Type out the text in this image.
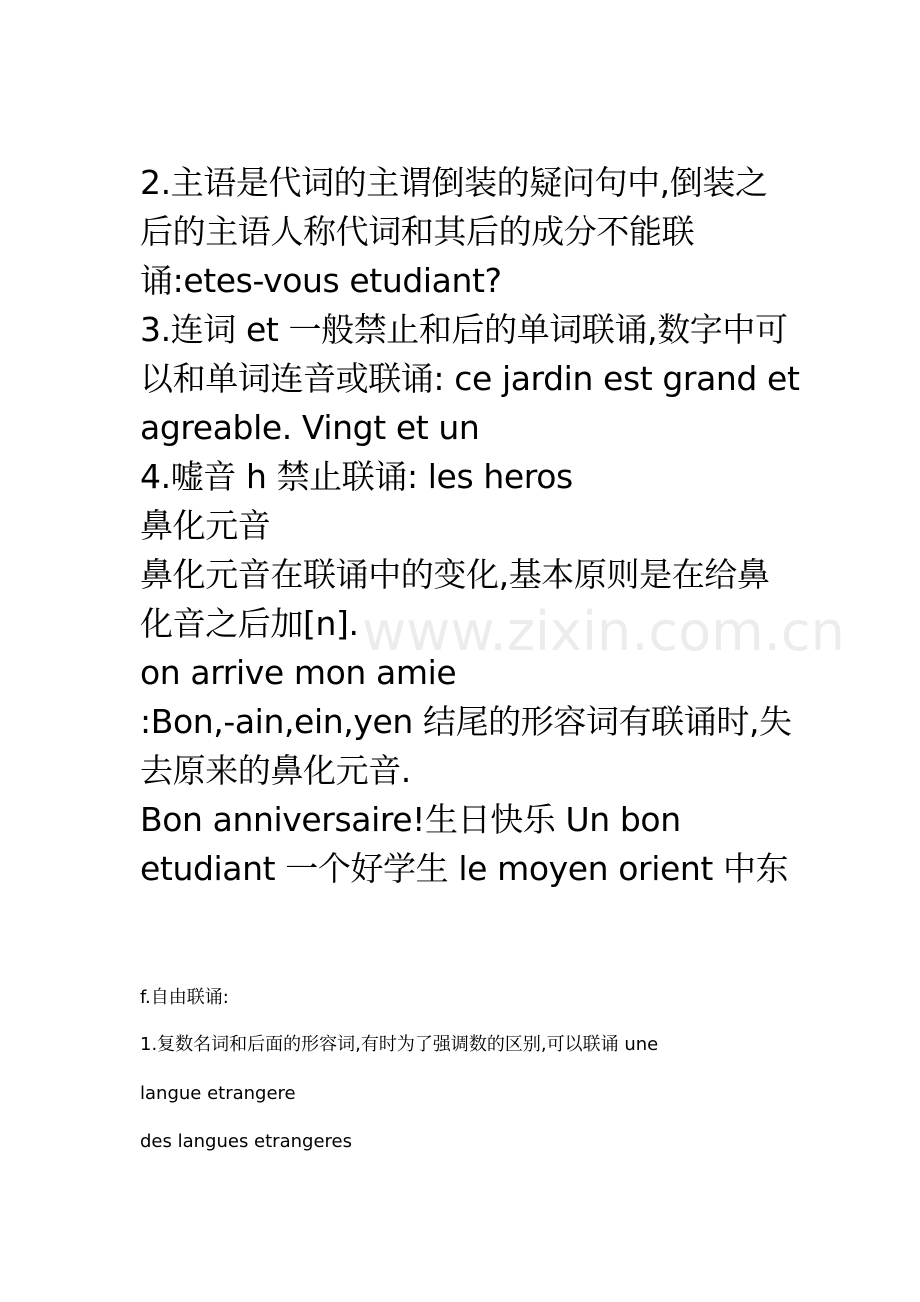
2.主语是代词的主谓倒装的疑问句中,倒装之后的主语人称代词和其后的成分不能联诵:etes-vous etudiant?

3.连词 et 一般禁止和后的单词联诵,数字中可以和单词连音或联诵: ce jardin est grand et agreable. Vingt et un

4.嘘音 h 禁止联诵: les heros

鼻化元音

鼻化元音在联诵中的变化,基本原则是在给鼻化音之后加[n].

on arrive mon amie

:Bon,-ain,ein,yen 结尾的形容词有联诵时,失去原来的鼻化元音.

Bon anniversaire!生日快乐 Un bon etudiant 一个好学生 le moyen orient 中东

f.自由联诵:

1.复数名词和后面的形容词,有时为了强调数的区别,可以联诵 une

langue etrangere

des langues etrangeres

www.zixin.com.cn
